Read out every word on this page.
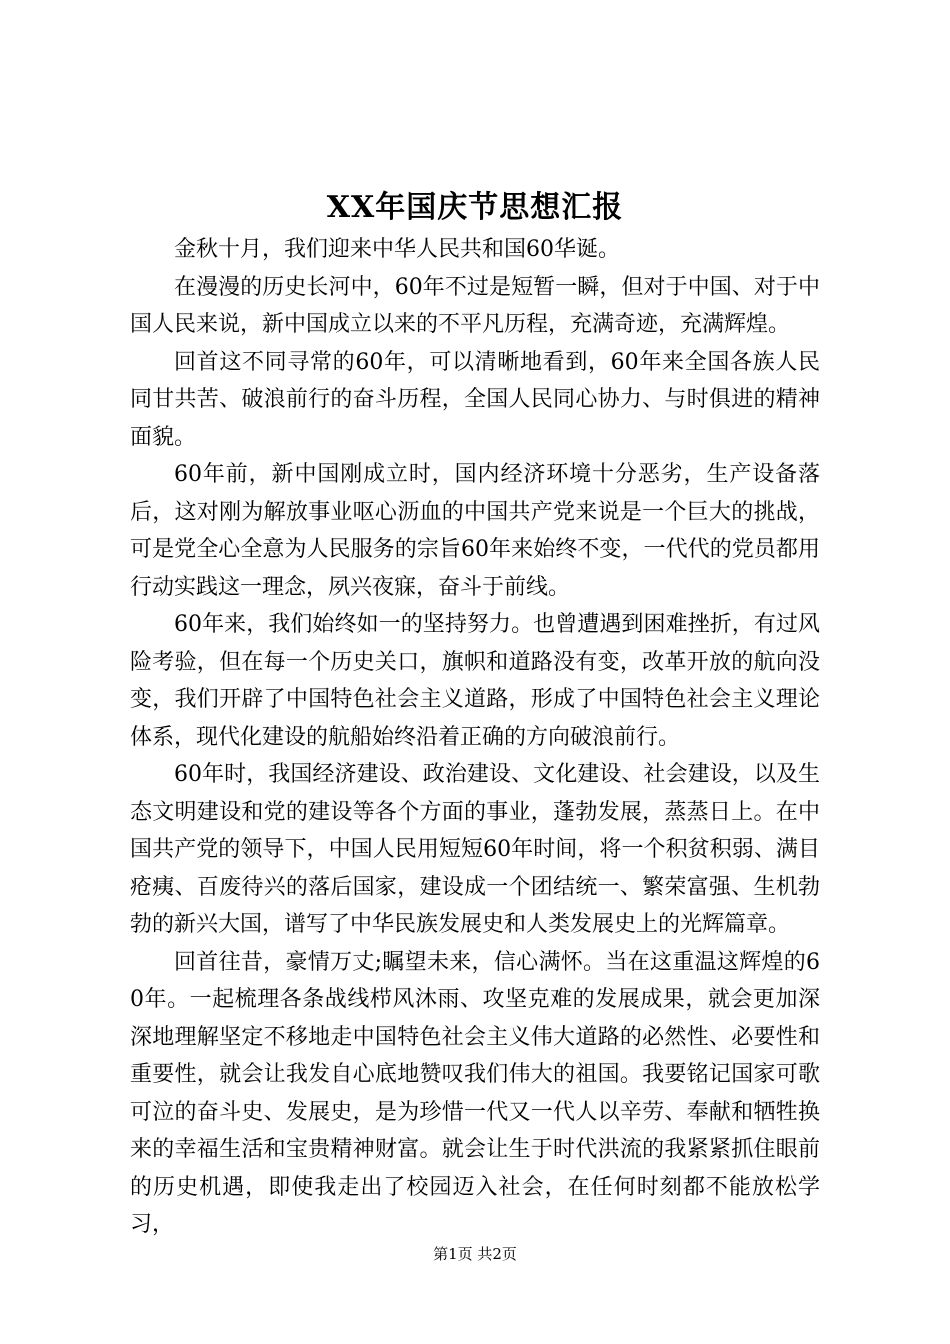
XX年国庆节思想汇报

金秋十月，我们迎来中华人民共和国60华诞。

在漫漫的历史长河中，60年不过是短暂一瞬，但对于中国、对于中国人民来说，新中国成立以来的不平凡历程，充满奇迹，充满辉煌。

回首这不同寻常的60年，可以清晰地看到，60年来全国各族人民同甘共苦、破浪前行的奋斗历程，全国人民同心协力、与时俱进的精神面貌。

60年前，新中国刚成立时，国内经济环境十分恶劣，生产设备落后，这对刚为解放事业呕心沥血的中国共产党来说是一个巨大的挑战，可是党全心全意为人民服务的宗旨60年来始终不变，一代代的党员都用行动实践这一理念，夙兴夜寐，奋斗于前线。

60年来，我们始终如一的坚持努力。也曾遭遇到困难挫折，有过风险考验，但在每一个历史关口，旗帜和道路没有变，改革开放的航向没变，我们开辟了中国特色社会主义道路，形成了中国特色社会主义理论体系，现代化建设的航船始终沿着正确的方向破浪前行。

60年时，我国经济建设、政治建设、文化建设、社会建设，以及生态文明建设和党的建设等各个方面的事业，蓬勃发展，蒸蒸日上。在中国共产党的领导下，中国人民用短短60年时间，将一个积贫积弱、满目疮痍、百废待兴的落后国家，建设成一个团结统一、繁荣富强、生机勃勃的新兴大国，谱写了中华民族发展史和人类发展史上的光辉篇章。

回首往昔，豪情万丈;瞩望未来，信心满怀。当在这重温这辉煌的60年。一起梳理各条战线栉风沐雨、攻坚克难的发展成果，就会更加深深地理解坚定不移地走中国特色社会主义伟大道路的必然性、必要性和重要性，就会让我发自心底地赞叹我们伟大的祖国。我要铭记国家可歌可泣的奋斗史、发展史，是为珍惜一代又一代人以辛劳、奉献和牺牲换来的幸福生活和宝贵精神财富。就会让生于时代洪流的我紧紧抓住眼前的历史机遇，即使我走出了校园迈入社会，在任何时刻都不能放松学习，

第1页 共2页
